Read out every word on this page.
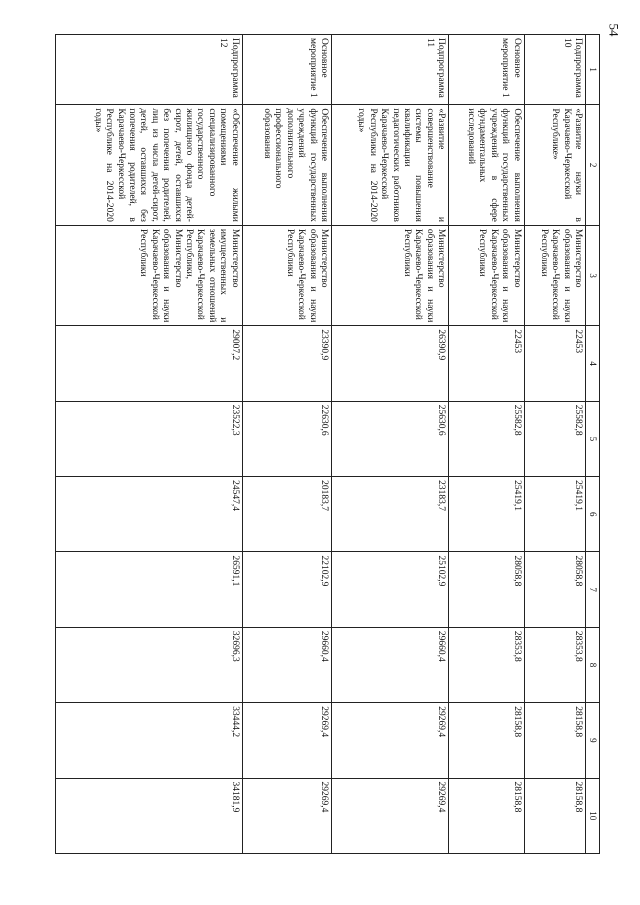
54
1	2	3	4	5	6	7	8	9	10
Подпрограмма 10	«Развитие науки в Карачаево-Черкесской Республике»	Министерство образования и науки Карачаево-Черкесской Республики	22453	25582,8	25419,1	28058,8	28353,8	28158,8	28158,8
Основное мероприятие 1	Обеспечение выполнения функций государственных учреждений в сфере фундаментальных исследований	Министерство образования и науки Карачаево-Черкесской Республики	22453	25582,8	25419,1	28058,8	28353,8	28158,8	28158,8
Подпрограмма 11	«Развитие и совершенствование системы повышения квалификации педагогических работников Карачаево-Черкесской Республики на 2014-2020 годы»	Министерство образования и науки Карачаево-Черкесской Республики	26390,9	25630,6	23183,7	25102,9	29660,4	29269,4	29269,4
Основное мероприятие 1	Обеспечение выполнения функций государственных учреждений дополнительного профессионального образования	Министерство образования и науки Карачаево-Черкесской Республики	23390,9	22630,6	20183,7	22102,9	29660,4	29269,4	29269,4
Подпрограмма 12	«Обеспечение жилыми помещениями специализированного государственного жилищного фонда детей-сирот, детей, оставшихся без попечения родителей, лиц из числа детей-сирот, детей, оставшихся без попечения родителей, в Карачаево-Черкесской Республике на 2014-2020 годы»	Министерство имущественных и земельных отношений Карачаево-Черкесской Республики, Министерство образования и науки Карачаево-Черкесской Республики	29007,2	23522,3	24547,4	26591,1	32696,3	33444,2	34181,9
